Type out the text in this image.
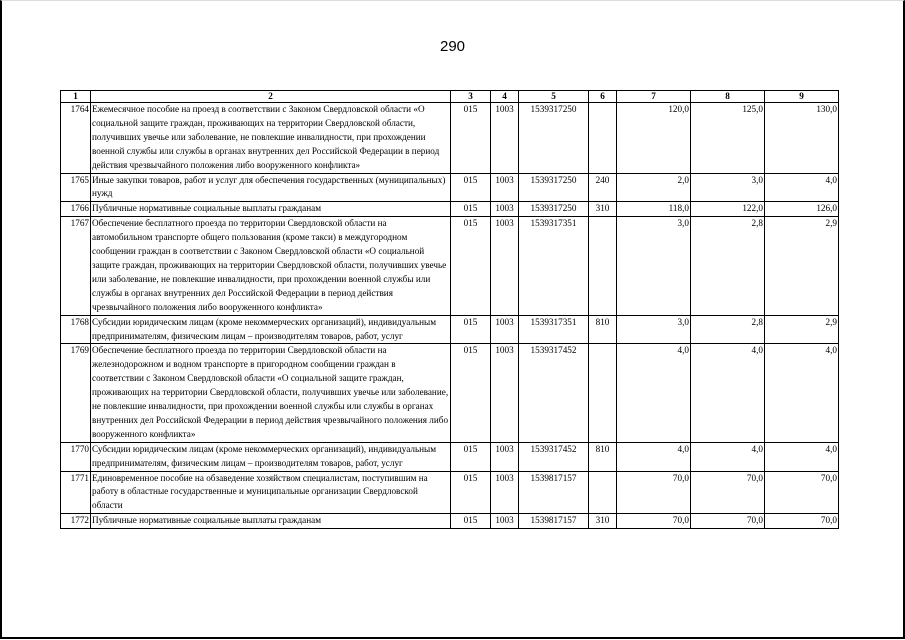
290
1	2	3	4	5	6	7	8	9
1764	Ежемесячное пособие на проезд в соответствии с Законом Свердловской области «О социальной защите граждан, проживающих на территории Свердловской области, получивших увечье или заболевание, не повлекшие инвалидности, при прохождении военной службы или службы в органах внутренних дел Российской Федерации в период действия чрезвычайного положения либо вооруженного конфликта»	015	1003	1539317250		120,0	125,0	130,0
1765	Иные закупки товаров, работ и услуг для обеспечения государственных (муниципальных) нужд	015	1003	1539317250	240	2,0	3,0	4,0
1766	Публичные нормативные социальные выплаты гражданам	015	1003	1539317250	310	118,0	122,0	126,0
1767	Обеспечение бесплатного проезда по территории Свердловской области на автомобильном транспорте общего пользования (кроме такси) в междугородном сообщении граждан в соответствии с Законом Свердловской области «О социальной защите граждан, проживающих на территории Свердловской области, получивших увечье или заболевание, не повлекшие инвалидности, при прохождении военной службы или службы в органах внутренних дел Российской Федерации в период действия чрезвычайного положения либо вооруженного конфликта»	015	1003	1539317351		3,0	2,8	2,9
1768	Субсидии юридическим лицам (кроме некоммерческих организаций), индивидуальным предпринимателям, физическим лицам – производителям товаров, работ, услуг	015	1003	1539317351	810	3,0	2,8	2,9
1769	Обеспечение бесплатного проезда по территории Свердловской области на железнодорожном и водном транспорте в пригородном сообщении граждан в соответствии с Законом Свердловской области «О социальной защите граждан, проживающих на территории Свердловской области, получивших увечье или заболевание, не повлекшие инвалидности, при прохождении военной службы или службы в органах внутренних дел Российской Федерации в период действия чрезвычайного положения либо вооруженного конфликта»	015	1003	1539317452		4,0	4,0	4,0
1770	Субсидии юридическим лицам (кроме некоммерческих организаций), индивидуальным предпринимателям, физическим лицам – производителям товаров, работ, услуг	015	1003	1539317452	810	4,0	4,0	4,0
1771	Единовременное пособие на обзаведение хозяйством специалистам, поступившим на работу в областные государственные и муниципальные организации Свердловской области	015	1003	1539817157		70,0	70,0	70,0
1772	Публичные нормативные социальные выплаты гражданам	015	1003	1539817157	310	70,0	70,0	70,0
